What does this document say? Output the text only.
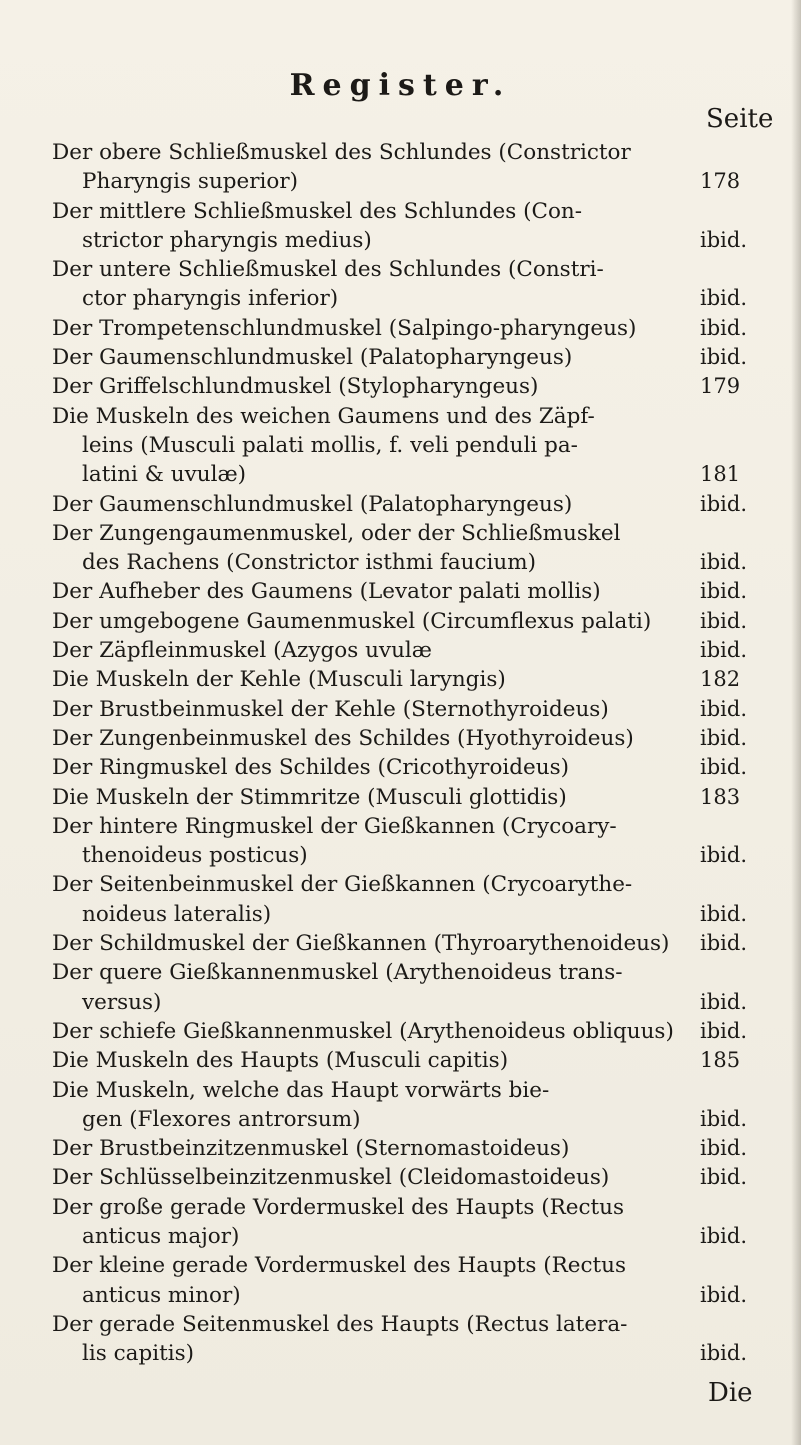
Register.
Seite
Der obere Schließmuskel des Schlundes (Constrictor
Pharyngis superior)	178
Der mittlere Schließmuskel des Schlundes (Con-
strictor pharyngis medius)	ibid.
Der untere Schließmuskel des Schlundes (Constri-
ctor pharyngis inferior)	ibid.
Der Trompetenschlundmuskel (Salpingo-pharyngeus)	ibid.
Der Gaumenschlundmuskel (Palatopharyngeus)	ibid.
Der Griffelschlundmuskel (Stylopharyngeus)	179
Die Muskeln des weichen Gaumens und des Zäpf-
leins (Musculi palati mollis, f. veli penduli pa-
latini & uvulæ)	181
Der Gaumenschlundmuskel (Palatopharyngeus)	ibid.
Der Zungengaumenmuskel, oder der Schließmuskel
des Rachens (Constrictor isthmi faucium)	ibid.
Der Aufheber des Gaumens (Levator palati mollis)	ibid.
Der umgebogene Gaumenmuskel (Circumflexus palati) ibid.
Der Zäpfleinmuskel (Azygos uvulæ	ibid.
Die Muskeln der Kehle (Musculi laryngis)	182
Der Brustbeinmuskel der Kehle (Sternothyroideus)	ibid.
Der Zungenbeinmuskel des Schildes (Hyothyroideus)	ibid.
Der Ringmuskel des Schildes (Cricothyroideus)	ibid.
Die Muskeln der Stimmritze (Musculi glottidis)	183
Der hintere Ringmuskel der Gießkannen (Crycoary-
thenoideus posticus)	ibid.
Der Seitenbeinmuskel der Gießkannen (Crycoarythe-
noideus lateralis)	ibid.
Der Schildmuskel der Gießkannen (Thyroarythenoideus) ibid.
Der quere Gießkannenmuskel (Arythenoideus trans-
versus)	ibid.
Der schiefe Gießkannenmuskel (Arythenoideus obliquus) ibid.
Die Muskeln des Haupts (Musculi capitis)	185
Die Muskeln, welche das Haupt vorwärts bie-
gen (Flexores antrorsum)	ibid.
Der Brustbeinzitzenmuskel (Sternomastoideus)	ibid.
Der Schlüsselbeinzitzenmuskel (Cleidomastoideus)	ibid.
Der große gerade Vordermuskel des Haupts (Rectus
anticus major)	ibid.
Der kleine gerade Vordermuskel des Haupts (Rectus
anticus minor)	ibid.
Der gerade Seitenmuskel des Haupts (Rectus latera-
lis capitis)	ibid.
Die
